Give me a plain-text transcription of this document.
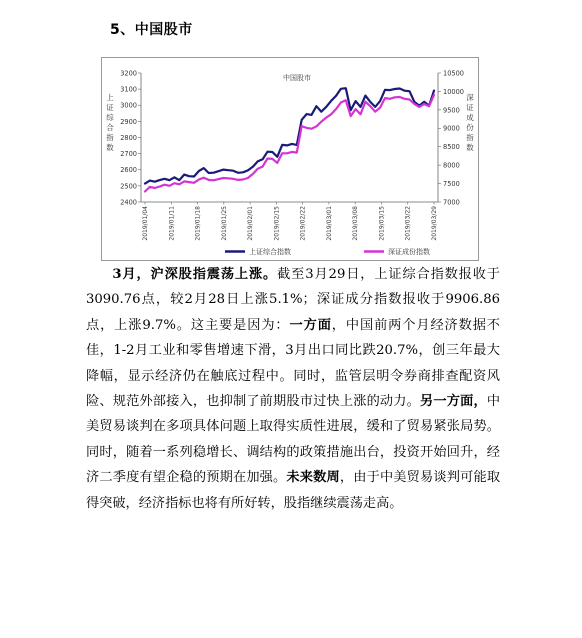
5、中国股市
中国股市
上
证
综
合
指
数
深
证
成
份
指
数
3200
3100
3000
2900
2800
2700
2600
2500
2400
10500
10000
9500
9000
8500
8000
7500
7000
2019/01/04	2019/01/11	2019/01/18	2019/01/25	2019/02/01	2019/02/15	2019/02/22	2019/03/01	2019/03/08	2019/03/15	2019/03/22	2019/03/29
上证综合指数	深证成份指数

3月，沪深股指震荡上涨。截至3月29日，上证综合指数报收于3090.76点，较2月28日上涨5.1%；深证成分指数报收于9906.86点，上涨9.7%。这主要是因为：一方面，中国前两个月经济数据不佳，1-2月工业和零售增速下滑，3月出口同比跌20.7%，创三年最大降幅，显示经济仍在触底过程中。同时，监管层明令券商排查配资风险、规范外部接入，也抑制了前期股市过快上涨的动力。另一方面，中美贸易谈判在多项具体问题上取得实质性进展，缓和了贸易紧张局势。同时，随着一系列稳增长、调结构的政策措施出台，投资开始回升，经济二季度有望企稳的预期在加强。未来数周，由于中美贸易谈判可能取得突破，经济指标也将有所好转，股指继续震荡走高。
